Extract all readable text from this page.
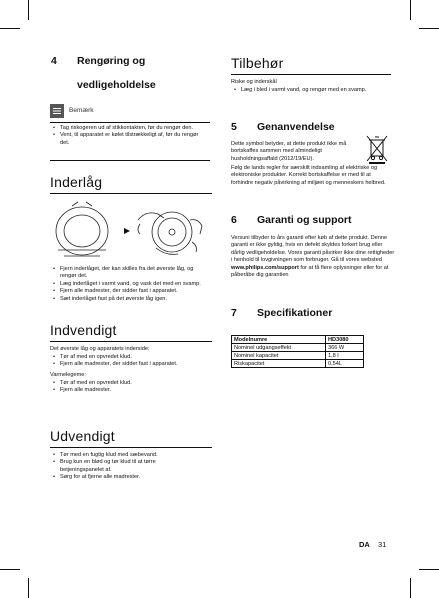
4 Rengøring og
vedligeholdelse
Bemærk
• Tag riskogeren ud af stikkontakten, før du rengør den.
• Vent, til apparatet er kølet tilstrækkeligt af, før du rengør det.
Inderlåg
• Fjern inderlåget, der kan skilles fra det øverste låg, og rengør det.
• Læg inderlåget i varmt vand, og vask det med en svamp.
• Fjern alle madrester, der sidder fast i apparatet.
• Sæt inderlåget fast på det øverste låg igen.
Indvendigt
Det øverste låg og apparatets inderside:
• Tør af med en opvredet klud.
• Fjern alle madrester, der sidder fast i apparatet.
Varmelegeme:
• Tør af med en opvredet klud.
• Fjern alle madrester.
Udvendigt
• Tør med en fugtig klud med sæbevand.
• Brug kun en blød og tør klud til at tørre betjeningspanelet af.
• Sørg for at fjerne alle madrester.
Tilbehør
Riske og inderskål
• Læg i bled i varmt vand, og rengør med en svamp.
5 Genanvendelse
Dette symbol betyder, at dette produkt ikke må bortskaffes sammen med almindeligt husholdningsaffald (2012/19/EU).
Følg de lands regler for særskilt indsamling af elektriske og elektroniske produkter. Korrekt bortskaffelse er med til at forhindre negativ påvirkning af miljøet og menneskers helbred.
6 Garanti og support
Versuni tilbyder to års garanti efter køb af dette produkt. Denne garanti er ikke gyldig, hvis en defekt skyldes forkert brug eller dårlig vedligeholdelse. Vores garanti påvirker ikke dine rettigheder i henhold til lovgivningen som forbruger. Gå til vores websted www.philips.com/support for at få flere oplysninger eller for at påberåbe dig garantien
7 Specifikationer
Modelnumre	HD3080
Nominel udgangseffekt	366 W
Nominel kapacitet	1,8 l
Riskapacitet	0,54L
DA 31
